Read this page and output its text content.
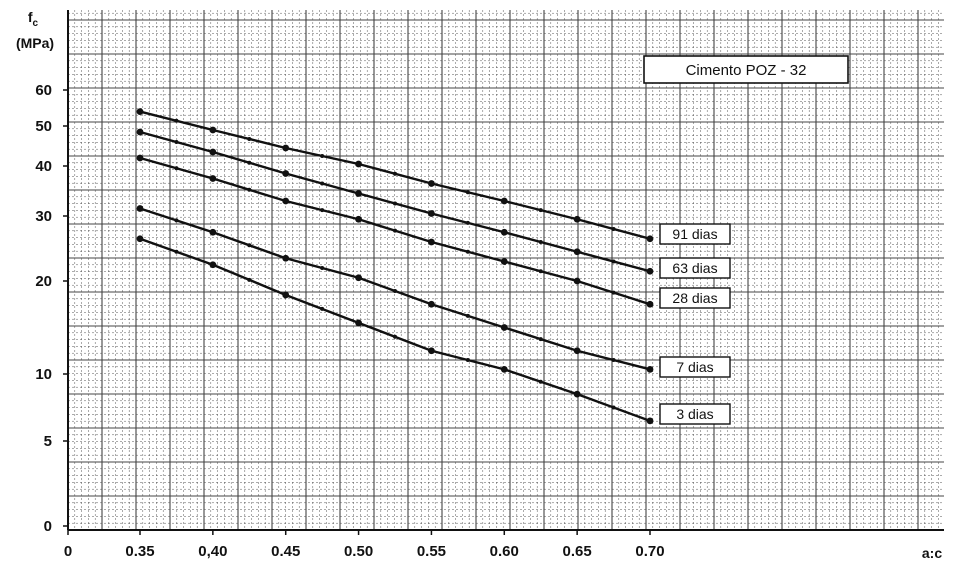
91 dias
63 dias
28 dias
7 dias
3 dias
0	0.35	0,40	0.45	0.50	0.55	0.60	0.65	0.70
0
5
10
20
30
40
50
60
Cimento POZ - 32
$f_c$
(MPa)
a:c
